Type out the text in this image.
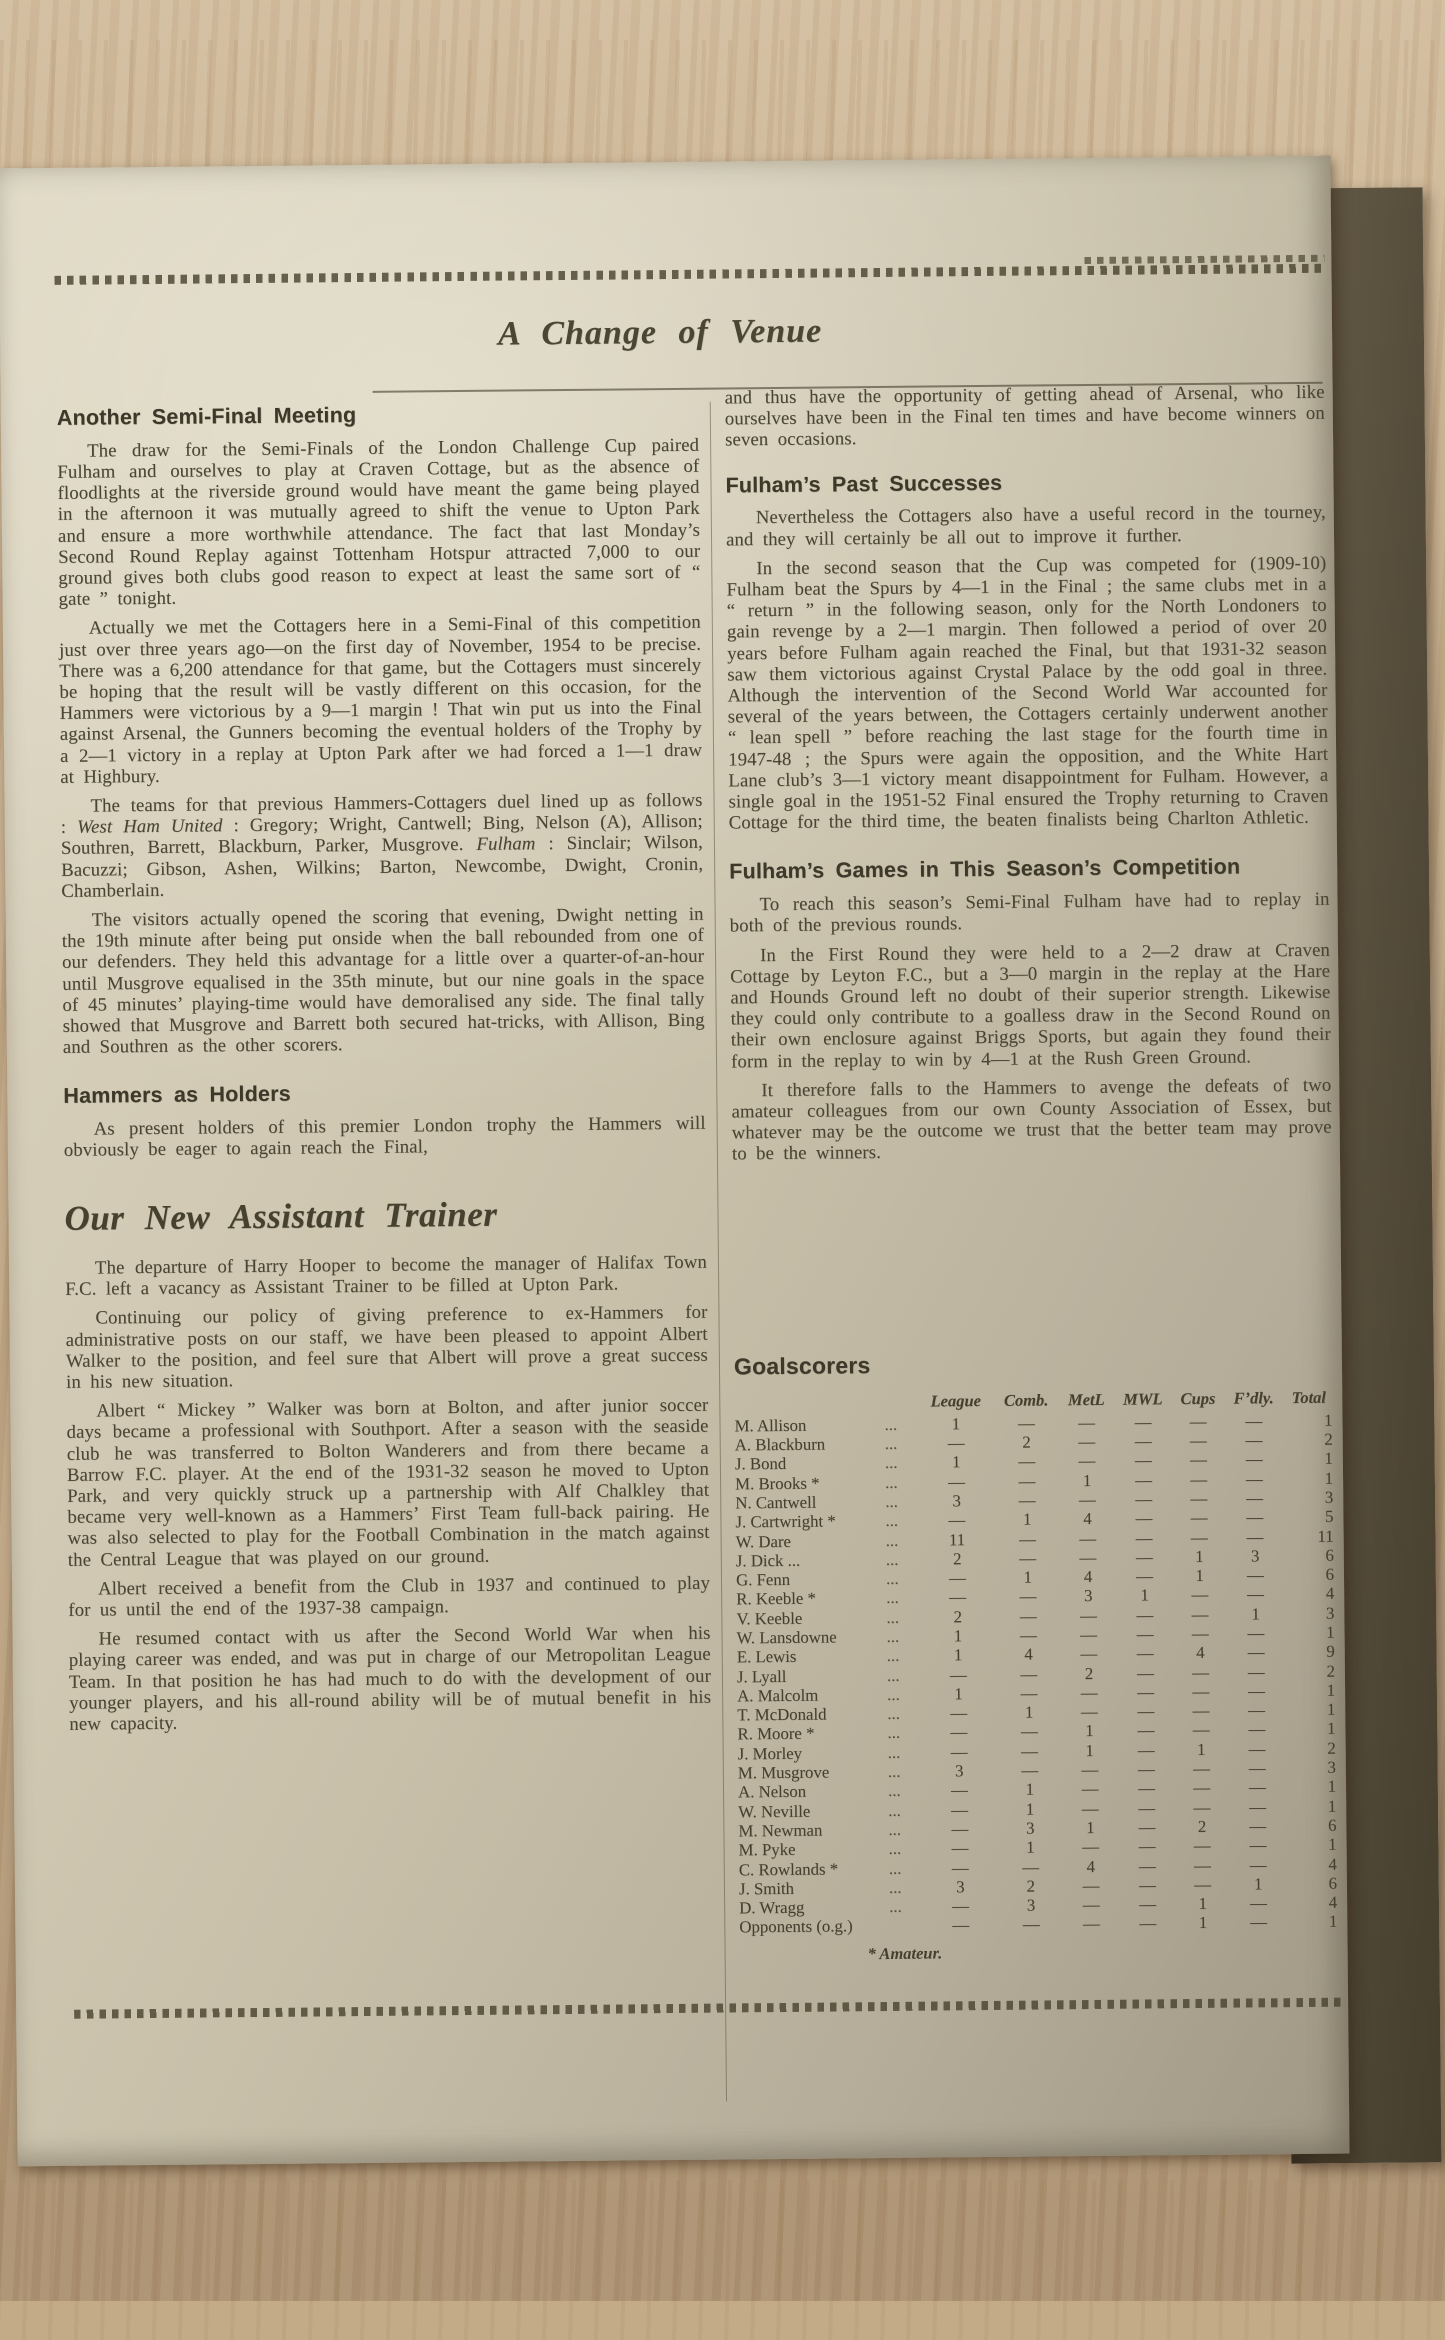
A Change of Venue
Another Semi-Final Meeting

The draw for the Semi-Finals of the London Challenge Cup paired Fulham and ourselves to play at Craven Cottage, but as the absence of floodlights at the riverside ground would have meant the game being played in the afternoon it was mutually agreed to shift the venue to Upton Park and ensure a more worthwhile attendance. The fact that last Monday’s Second Round Replay against Tottenham Hotspur attracted 7,000 to our ground gives both clubs good reason to expect at least the same sort of “ gate ” tonight.

Actually we met the Cottagers here in a Semi-Final of this competition just over three years ago—on the first day of November, 1954 to be precise. There was a 6,200 attendance for that game, but the Cottagers must sincerely be hoping that the result will be vastly different on this occasion, for the Hammers were victorious by a 9—1 margin ! That win put us into the Final against Arsenal, the Gunners becoming the eventual holders of the Trophy by a 2—1 victory in a replay at Upton Park after we had forced a 1—1 draw at Highbury.

The teams for that previous Hammers-Cottagers duel lined up as follows : West Ham United : Gregory; Wright, Cantwell; Bing, Nelson (A), Allison; Southren, Barrett, Blackburn, Parker, Musgrove. Fulham : Sinclair; Wilson, Bacuzzi; Gibson, Ashen, Wilkins; Barton, Newcombe, Dwight, Cronin, Chamberlain.

The visitors actually opened the scoring that evening, Dwight netting in the 19th minute after being put onside when the ball rebounded from one of our defenders. They held this advantage for a little over a quarter-of-an-hour until Musgrove equalised in the 35th minute, but our nine goals in the space of 45 minutes’ playing-time would have demoralised any side. The final tally showed that Musgrove and Barrett both secured hat-tricks, with Allison, Bing and Southren as the other scorers.

Hammers as Holders

As present holders of this premier London trophy the Hammers will obviously be eager to again reach the Final,

Our New Assistant Trainer

The departure of Harry Hooper to become the manager of Halifax Town F.C. left a vacancy as Assistant Trainer to be filled at Upton Park.

Continuing our policy of giving preference to ex-Hammers for administrative posts on our staff, we have been pleased to appoint Albert Walker to the position, and feel sure that Albert will prove a great success in his new situation.

Albert “ Mickey ” Walker was born at Bolton, and after junior soccer days became a professional with Southport. After a season with the seaside club he was transferred to Bolton Wanderers and from there became a Barrow F.C. player. At the end of the 1931-32 season he moved to Upton Park, and very quickly struck up a partnership with Alf Chalkley that became very well-known as a Hammers’ First Team full-back pairing. He was also selected to play for the Football Combination in the match against the Central League that was played on our ground.

Albert received a benefit from the Club in 1937 and continued to play for us until the end of the 1937-38 campaign.

He resumed contact with us after the Second World War when his playing career was ended, and was put in charge of our Metropolitan League Team. In that position he has had much to do with the development of our younger players, and his all-round ability will be of mutual benefit in his new capacity.

and thus have the opportunity of getting ahead of Arsenal, who like ourselves have been in the Final ten times and have become winners on seven occasions.

Fulham’s Past Successes

Nevertheless the Cottagers also have a useful record in the tourney, and they will certainly be all out to improve it further.

In the second season that the Cup was competed for (1909-10) Fulham beat the Spurs by 4—1 in the Final ; the same clubs met in a “ return ” in the following season, only for the North Londoners to gain revenge by a 2—1 margin. Then followed a period of over 20 years before Fulham again reached the Final, but that 1931-32 season saw them victorious against Crystal Palace by the odd goal in three. Although the intervention of the Second World War accounted for several of the years between, the Cottagers certainly underwent another “ lean spell ” before reaching the last stage for the fourth time in 1947-48 ; the Spurs were again the opposition, and the White Hart Lane club’s 3—1 victory meant disappointment for Fulham. However, a single goal in the 1951-52 Final ensured the Trophy returning to Craven Cottage for the third time, the beaten finalists being Charlton Athletic.

Fulham’s Games in This Season’s Competition

To reach this season’s Semi-Final Fulham have had to replay in both of the previous rounds.

In the First Round they were held to a 2—2 draw at Craven Cottage by Leyton F.C., but a 3—0 margin in the replay at the Hare and Hounds Ground left no doubt of their superior strength. Likewise they could only contribute to a goalless draw in the Second Round on their own enclosure against Briggs Sports, but again they found their form in the replay to win by 4—1 at the Rush Green Ground.

It therefore falls to the Hammers to avenge the defeats of two amateur colleagues from our own County Association of Essex, but whatever may be the outcome we trust that the better team may prove to be the winners.

Goalscorers
		League	Comb.	MetL	MWL	Cups	F’dly.	Total
M. Allison	...	1	—	—	—	—	—	1
A. Blackburn	...	—	2	—	—	—	—	2
J. Bond	...	1	—	—	—	—	—	1
M. Brooks *	...	—	—	1	—	—	—	1
N. Cantwell	...	3	—	—	—	—	—	3
J. Cartwright *	...	—	1	4	—	—	—	5
W. Dare	...	11	—	—	—	—	—	11
J. Dick ...	...	2	—	—	—	1	3	6
G. Fenn	...	—	1	4	—	1	—	6
R. Keeble *	...	—	—	3	1	—	—	4
V. Keeble	...	2	—	—	—	—	1	3
W. Lansdowne	...	1	—	—	—	—	—	1
E. Lewis	...	1	4	—	—	4	—	9
J. Lyall	...	—	—	2	—	—	—	2
A. Malcolm	...	1	—	—	—	—	—	1
T. McDonald	...	—	1	—	—	—	—	1
R. Moore *	...	—	—	1	—	—	—	1
J. Morley	...	—	—	1	—	1	—	2
M. Musgrove	...	3	—	—	—	—	—	3
A. Nelson	...	—	1	—	—	—	—	1
W. Neville	...	—	1	—	—	—	—	1
M. Newman	...	—	3	1	—	2	—	6
M. Pyke	...	—	1	—	—	—	—	1
C. Rowlands *	...	—	—	4	—	—	—	4
J. Smith	...	3	2	—	—	—	1	6
D. Wragg	...	—	3	—	—	1	—	4
Opponents (o.g.)		—	—	—	—	1	—	1
* Amateur.
